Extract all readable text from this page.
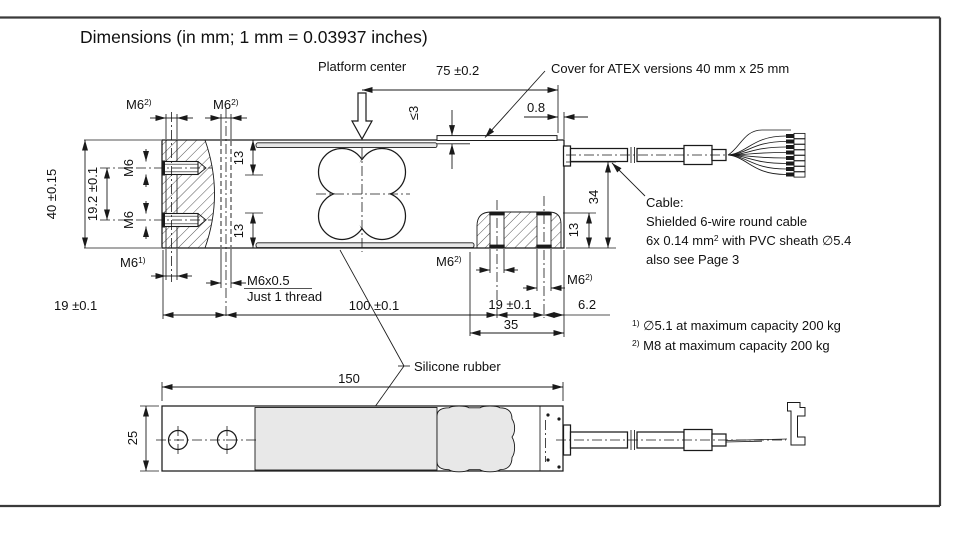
Dimensions (in mm; 1 mm = 0.03937 inches)
Platform center 75 ±0.2
0.8
≤3
Cover for ATEX versions 40 mm x 25 mm
M6$^{2)}$	M6$^{2)}$
40 ±0.15 19.2 ±0.1 M6
M6
13
13
M6$^{1)}$
M6x0.5
Just 1 thread
19 ±0.1	100 ±0.1	19 ±0.1	6.2
35
M6$^{2)}$
M6$^{2)}$
13
34	Cable:
Shielded 6-wire round cable
6x 0.14 $mm^2$ with PVC sheath ∅5.4
also see Page 3
$^{1)}$ ∅5.1 at maximum capacity 200 kg
$^{2)}$ M8 at maximum capacity 200 kg
Silicone rubber
150
25
